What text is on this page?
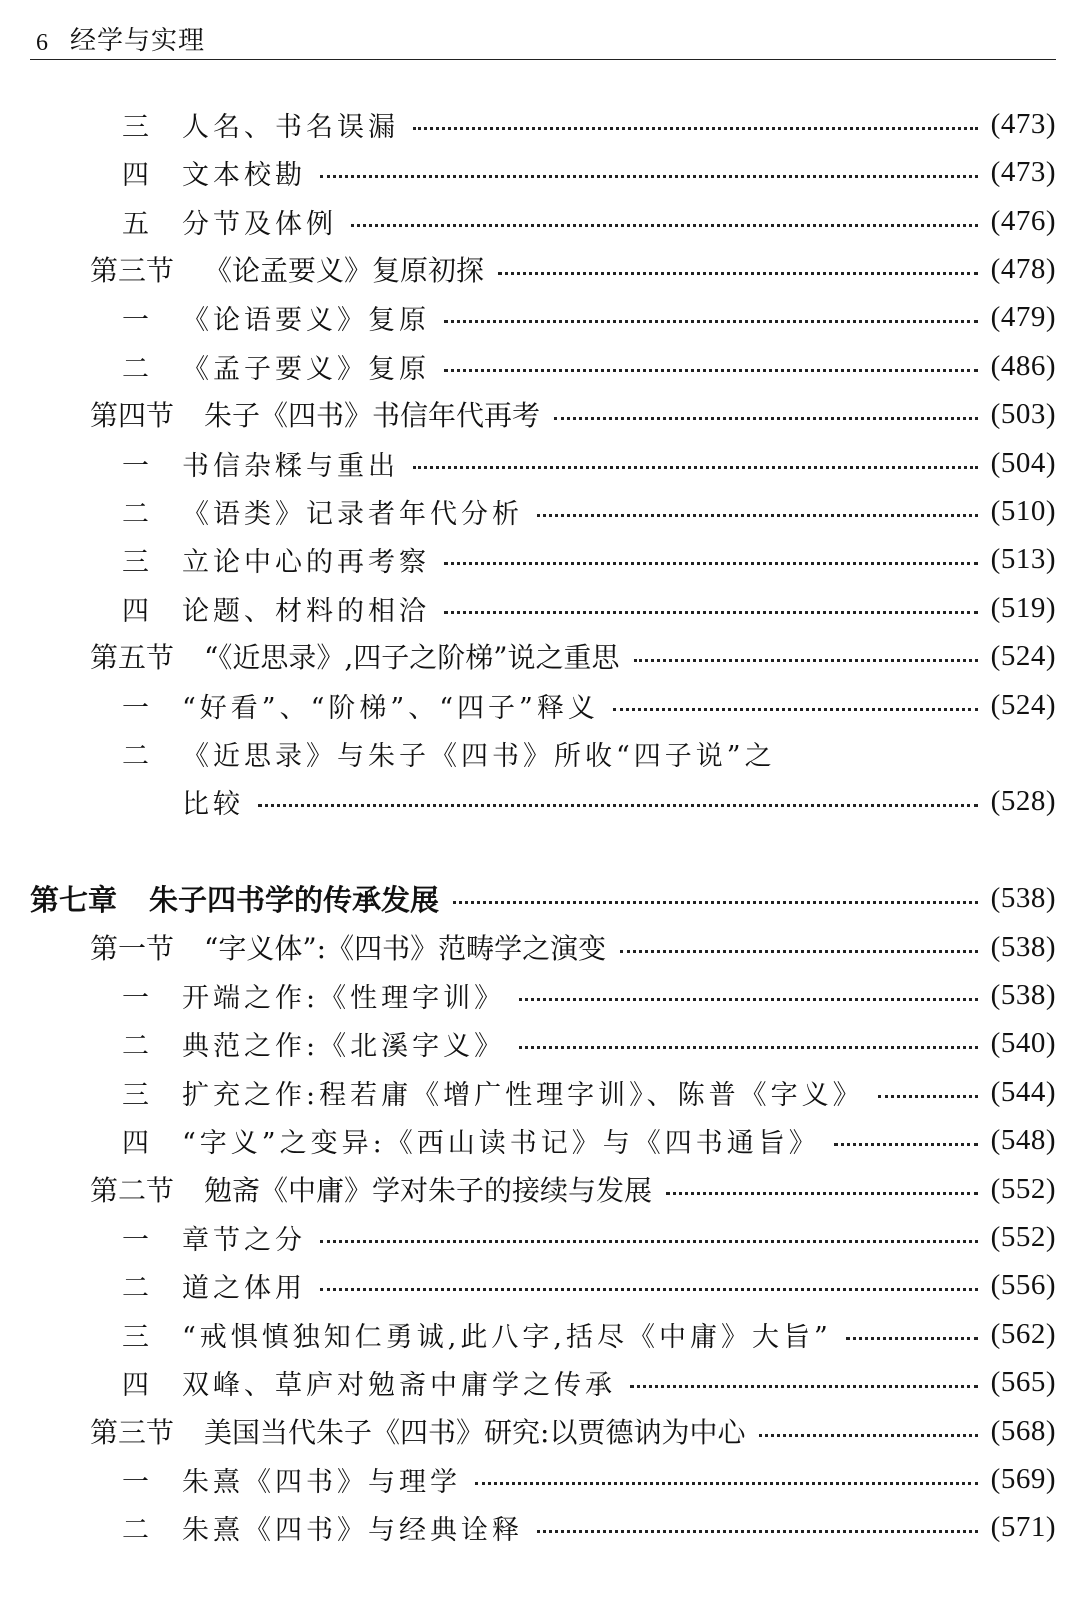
6 经学与实理
三	人名、书名误漏	(473)
四	文本校勘	(473)
五	分节及体例	(476)
第三节 《论孟要义》复原初探	(478)
一	《论语要义》复原	(479)
二	《孟子要义》复原	(486)
第四节 朱子《四书》书信年代再考	(503)
一	书信杂糅与重出	(504)
二	《语类》记录者年代分析	(510)
三	立论中心的再考察	(513)
四	论题、材料的相洽	(519)
第五节 “《近思录》,四子之阶梯”说之重思	(524)
一	“好看”、“阶梯”、“四子”释义	(524)
二	《近思录》与朱子《四书》所收“四子说”之
比较	(528)
第七章 朱子四书学的传承发展	(538)
第一节 “字义体”:《四书》范畴学之演变	(538)
一	开端之作:《性理字训》	(538)
二	典范之作:《北溪字义》	(540)
三	扩充之作:程若庸《增广性理字训》、陈普《字义》	(544)
四	“字义”之变异:《西山读书记》与《四书通旨》	(548)
第二节 勉斋《中庸》学对朱子的接续与发展	(552)
一	章节之分	(552)
二	道之体用	(556)
三	“戒惧慎独知仁勇诚,此八字,括尽《中庸》大旨”	(562)
四	双峰、草庐对勉斋中庸学之传承	(565)
第三节 美国当代朱子《四书》研究:以贾德讷为中心	(568)
一	朱熹《四书》与理学	(569)
二	朱熹《四书》与经典诠释	(571)
